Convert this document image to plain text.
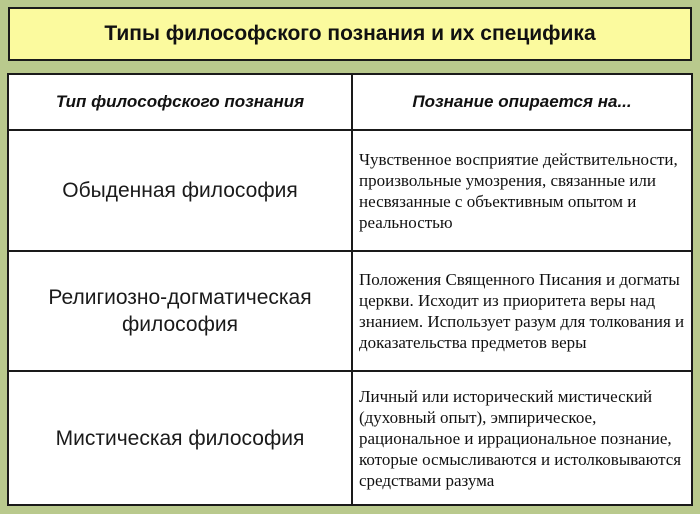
Типы философского познания и их специфика
Тип философского познания	Познание опирается на...
Обыденная философия	Чувственное восприятие действительности, произвольные умозрения, связанные или несвязанные с объективным опытом и реальностью
Религиозно-догматическая философия	Положения Священного Писания и догматы церкви. Исходит из приоритета веры над знанием. Использует разум для толкования и доказательства предметов веры
Мистическая философия	Личный или исторический мистический (духовный опыт), эмпирическое, рациональное и иррациональное познание, которые осмысливаются и истолковываются средствами разума
